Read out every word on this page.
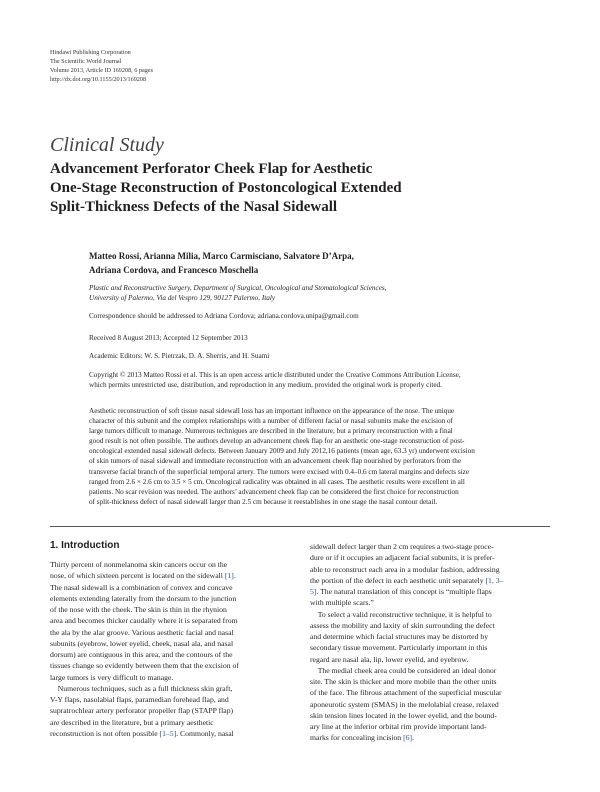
Hindawi Publishing Corporation
The Scientific World Journal
Volume 2013, Article ID 169208, 6 pages
http://dx.doi.org/10.1155/2013/169208
Clinical Study
Advancement Perforator Cheek Flap for Aesthetic
One-Stage Reconstruction of Postoncological Extended
Split-Thickness Defects of the Nasal Sidewall
Matteo Rossi, Arianna Milia, Marco Carmisciano, Salvatore D’Arpa,
Adriana Cordova, and Francesco Moschella
Plastic and Reconstructive Surgery, Department of Surgical, Oncological and Stomatological Sciences,
University of Palermo, Via del Vespro 129, 90127 Palermo, Italy
Correspondence should be addressed to Adriana Cordova; adriana.cordova.unipa@gmail.com
Received 8 August 2013; Accepted 12 September 2013
Academic Editors: W. S. Pietrzak, D. A. Sherris, and H. Suami
Copyright © 2013 Matteo Rossi et al. This is an open access article distributed under the Creative Commons Attribution License,
which permits unrestricted use, distribution, and reproduction in any medium, provided the original work is properly cited.
Aesthetic reconstruction of soft tissue nasal sidewall loss has an important influence on the appearance of the nose. The unique
character of this subunit and the complex relationships with a number of different facial or nasal subunits make the excision of
large tumors difficult to manage. Numerous techniques are described in the literature, but a primary reconstruction with a final
good result is not often possible. The authors develop an advancement cheek flap for an aesthetic one-stage reconstruction of post-
oncological extended nasal sidewall defects. Between January 2009 and July 2012,16 patients (mean age, 63.3 yr) underwent excision
of skin tumors of nasal sidewall and immediate reconstruction with an advancement cheek flap nourished by perforators from the
transverse facial branch of the superficial temporal artery. The tumors were excised with 0.4–0.6 cm lateral margins and defects size
ranged from 2.6 × 2.6 cm to 3.5 × 5 cm. Oncological radicality was obtained in all cases. The aesthetic results were excellent in all
patients. No scar revision was needed. The authors’ advancement cheek flap can be considered the first choice for reconstruction
of split-thickness defect of nasal sidewall larger than 2.5 cm because it reestablishes in one stage the nasal contour detail.
1. Introduction
Thirty percent of nonmelanoma skin cancers occur on the
nose, of which sixteen percent is located on the sidewall [1].
The nasal sidewall is a combination of convex and concave
elements extending laterally from the dorsum to the junction
of the nose with the cheek. The skin is thin in the rhynion
area and becomes thicker caudally where it is separated from
the ala by the alar groove. Various aesthetic facial and nasal
subunits (eyebrow, lower eyelid, cheek, nasal ala, and nasal
dorsum) are contiguous in this area, and the contours of the
tissues change so evidently between them that the excision of
large tumors is very difficult to manage.
 Numerous techniques, such as a full thickness skin graft,
V-Y flaps, nasolabial flaps, paramedian forehead flap, and
supratrochlear artery perforator propeller flap (STAPP flap)
are described in the literature, but a primary aesthetic
reconstruction is not often possible [1–5]. Commonly, nasal
sidewall defect larger than 2 cm requires a two-stage proce-
dure or if it occupies an adjacent facial subunits, it is prefer-
able to reconstruct each area in a modular fashion, addressing
the portion of the defect in each aesthetic unit separately [1, 3–
5]. The natural translation of this concept is “multiple flaps
with multiple scars.”
 To select a valid reconstructive technique, it is helpful to
assess the mobility and laxity of skin surrounding the defect
and determine which facial structures may be distorted by
secondary tissue movement. Particularly important in this
regard are nasal ala, lip, lower eyelid, and eyebrow.
 The medial cheek area could be considered an ideal donor
site. The skin is thicker and more mobile than the other units
of the face. The fibrous attachment of the superficial muscular
aponeurotic system (SMAS) in the melolabial crease, relaxed
skin tension lines located in the lower eyelid, and the bound-
ary line at the inferior orbital rim provide important land-
marks for concealing incision [6].
